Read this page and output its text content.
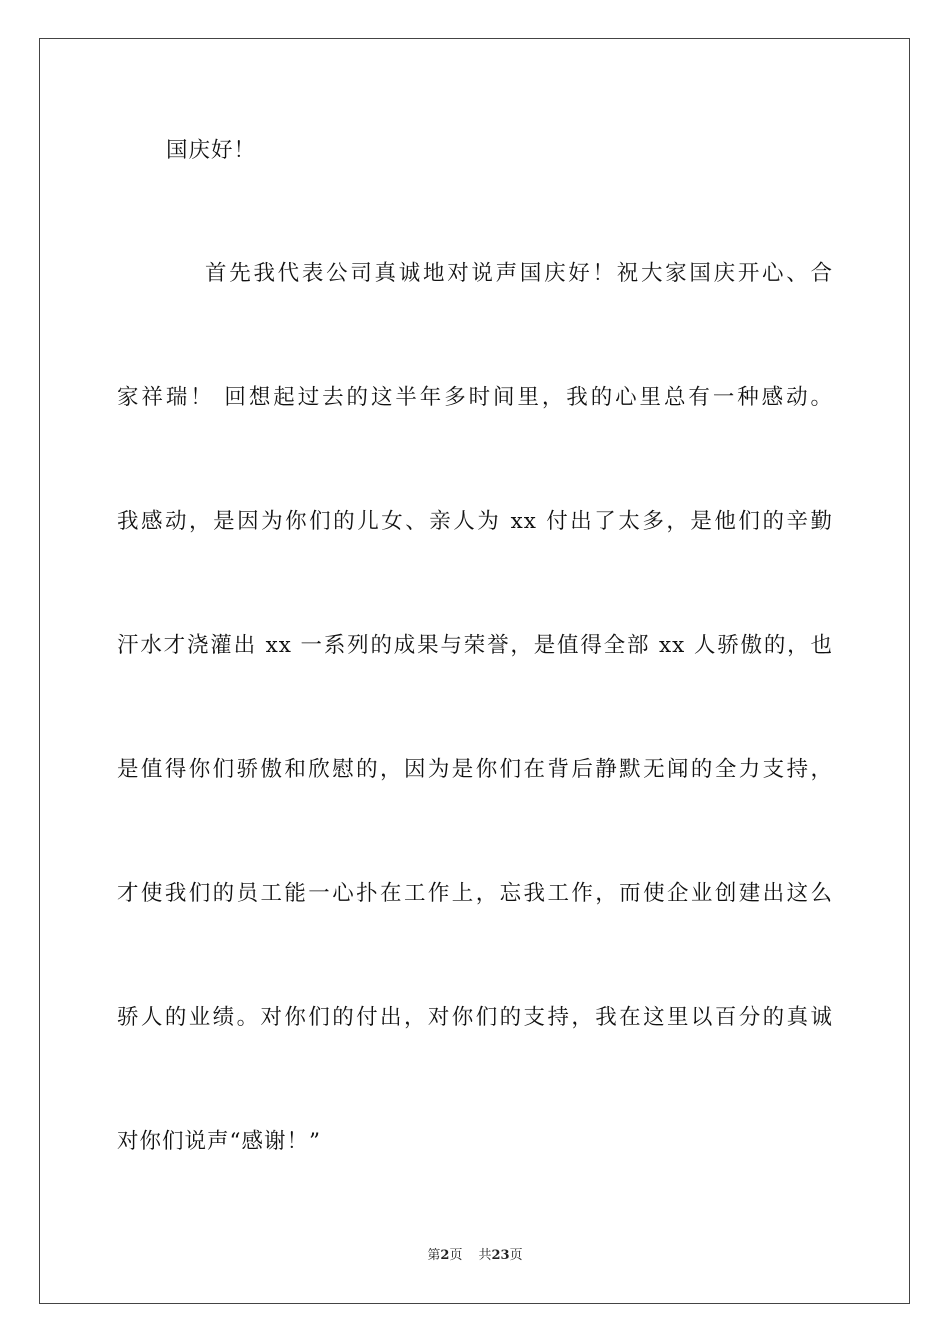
国庆好！
首先我代表公司真诚地对说声国庆好！祝大家国庆开心、合
家祥瑞！ 回想起过去的这半年多时间里，我的心里总有一种感动。
我感动，是因为你们的儿女、亲人为 xx 付出了太多，是他们的辛勤
汗水才浇灌出 xx 一系列的成果与荣誉，是值得全部 xx 人骄傲的，也
是值得你们骄傲和欣慰的，因为是你们在背后静默无闻的全力支持，
才使我们的员工能一心扑在工作上，忘我工作，而使企业创建出这么
骄人的业绩。对你们的付出，对你们的支持，我在这里以百分的真诚
对你们说声“感谢！”
第2页 共23页
